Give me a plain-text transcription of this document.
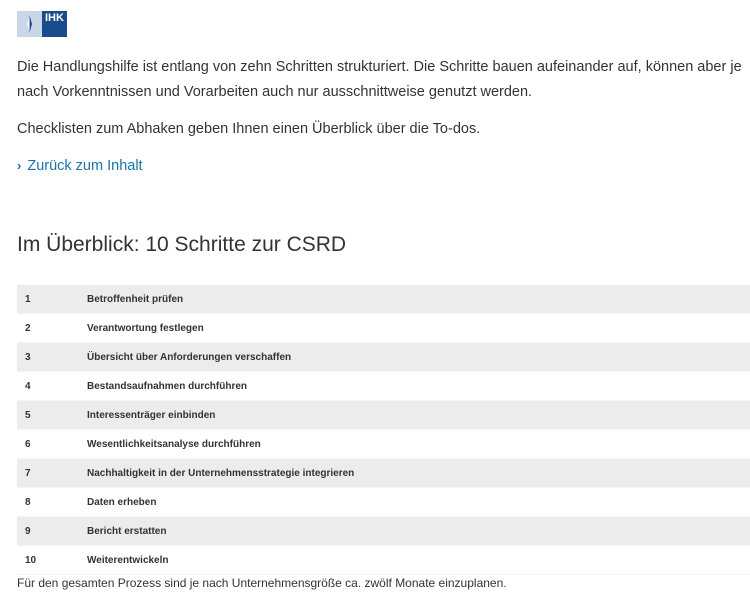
IHK

Die Handlungshilfe ist entlang von zehn Schritten strukturiert. Die Schritte bauen aufeinander auf, können aber je nach Vorkenntnissen und Vorarbeiten auch nur ausschnittweise genutzt werden.

Checklisten zum Abhaken geben Ihnen einen Überblick über die To-dos.

› Zurück zum Inhalt
Im Überblick: 10 Schritte zur CSRD
1	Betroffenheit prüfen
2	Verantwortung festlegen
3	Übersicht über Anforderungen verschaffen
4	Bestandsaufnahmen durchführen
5	Interessenträger einbinden
6	Wesentlichkeitsanalyse durchführen
7	Nachhaltigkeit in der Unternehmensstrategie integrieren
8	Daten erheben
9	Bericht erstatten
10	Weiterentwickeln

Für den gesamten Prozess sind je nach Unternehmensgröße ca. zwölf Monate einzuplanen.
